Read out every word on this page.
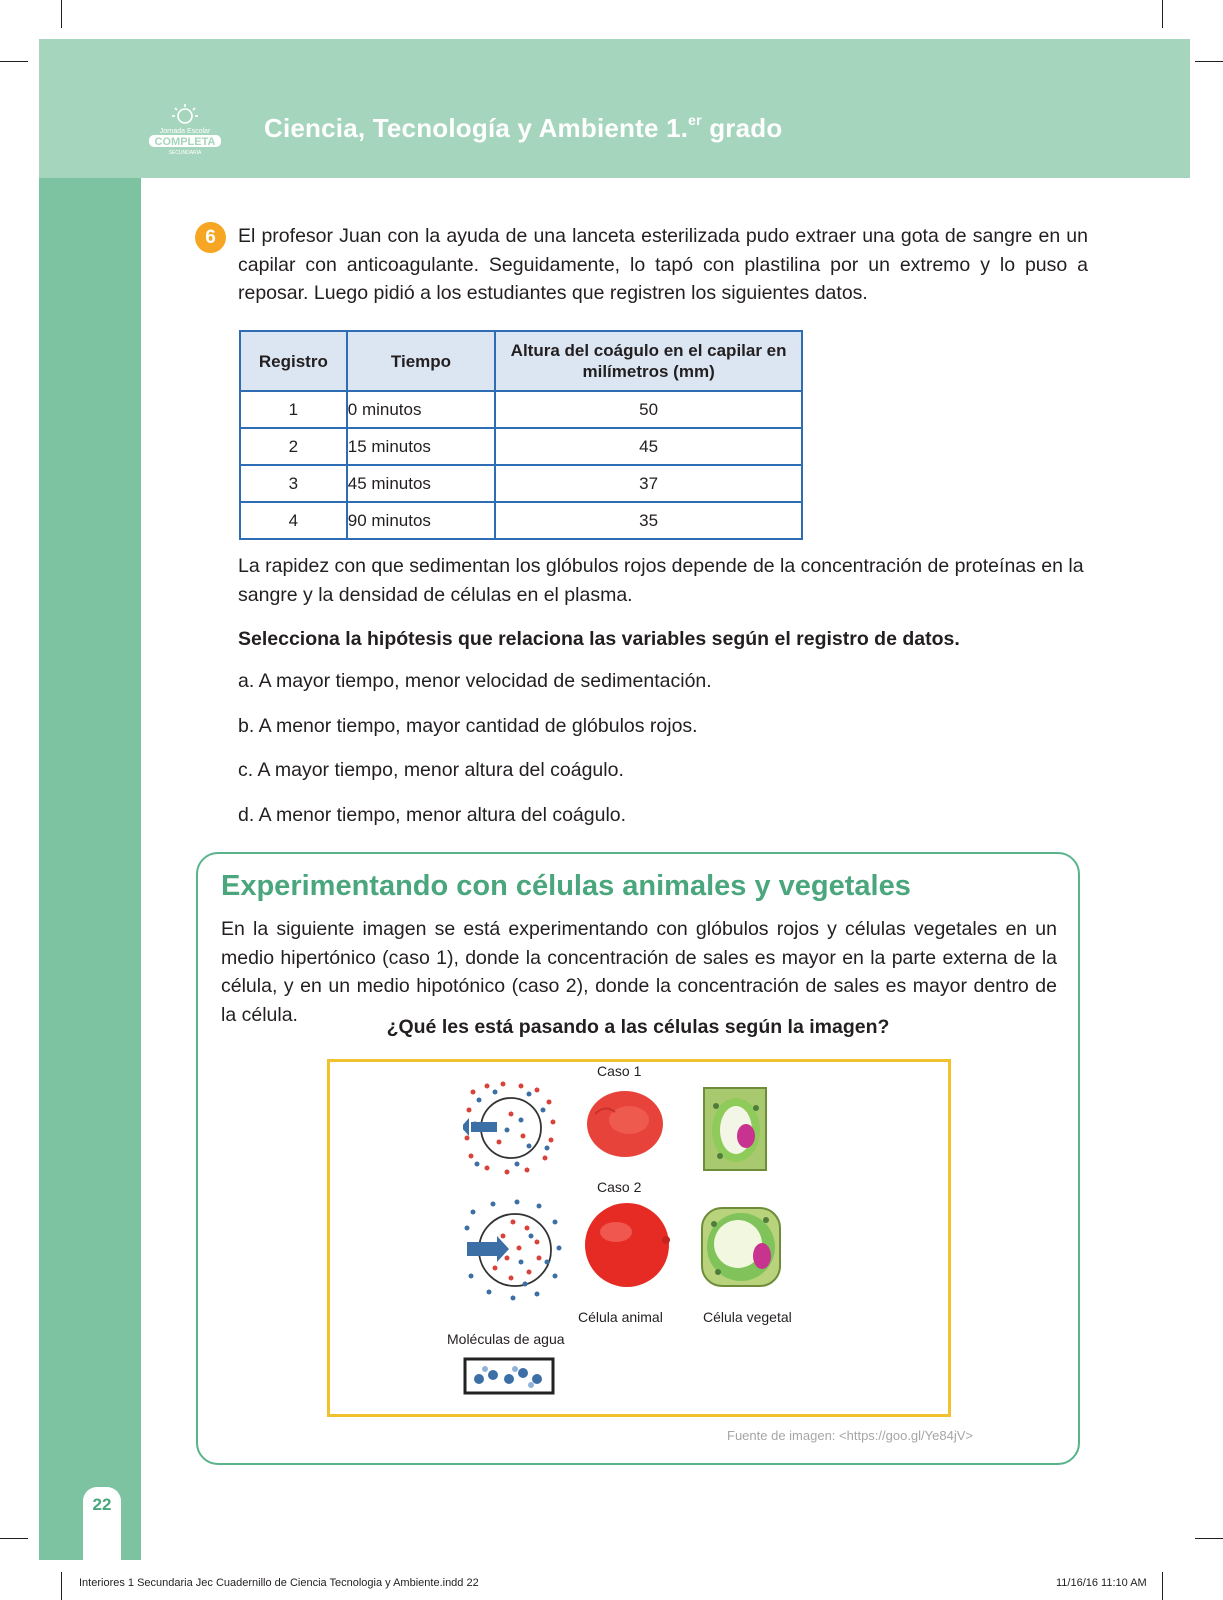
Jornada Escolar
COMPLETA
SECUNDARIA
Ciencia, Tecnología y Ambiente 1.$^{er}$ grado
6	El profesor Juan con la ayuda de una lanceta esterilizada pudo extraer una gota de sangre en un capilar con anticoagulante. Seguidamente, lo tapó con plastilina por un extremo y lo puso a reposar. Luego pidió a los estudiantes que registren los siguientes datos.
Registro	Tiempo	Altura del coágulo en el capilar en milímetros (mm)
1	0 minutos	50
2	15 minutos	45
3	45 minutos	37
4	90 minutos	35
La rapidez con que sedimentan los glóbulos rojos depende de la concentración de proteínas en la sangre y la densidad de células en el plasma.
Selecciona la hipótesis que relaciona las variables según el registro de datos.
a. A mayor tiempo, menor velocidad de sedimentación.
b. A menor tiempo, mayor cantidad de glóbulos rojos.
c. A mayor tiempo, menor altura del coágulo.
d. A menor tiempo, menor altura del coágulo.
Experimentando con células animales y vegetales
En la siguiente imagen se está experimentando con glóbulos rojos y células vegetales en un medio hipertónico (caso 1), donde la concentración de sales es mayor en la parte externa de la célula, y en un medio hipotónico (caso 2), donde la concentración de sales es mayor dentro de la célula.
¿Qué les está pasando a las células según la imagen?
Caso 1
Caso 2
Célula animal	Célula vegetal
Moléculas de agua
Fuente de imagen: <https://goo.gl/Ye84jV>
22
Interiores 1 Secundaria Jec Cuadernillo de Ciencia Tecnologia y Ambiente.indd 22	11/16/16 11:10 AM
